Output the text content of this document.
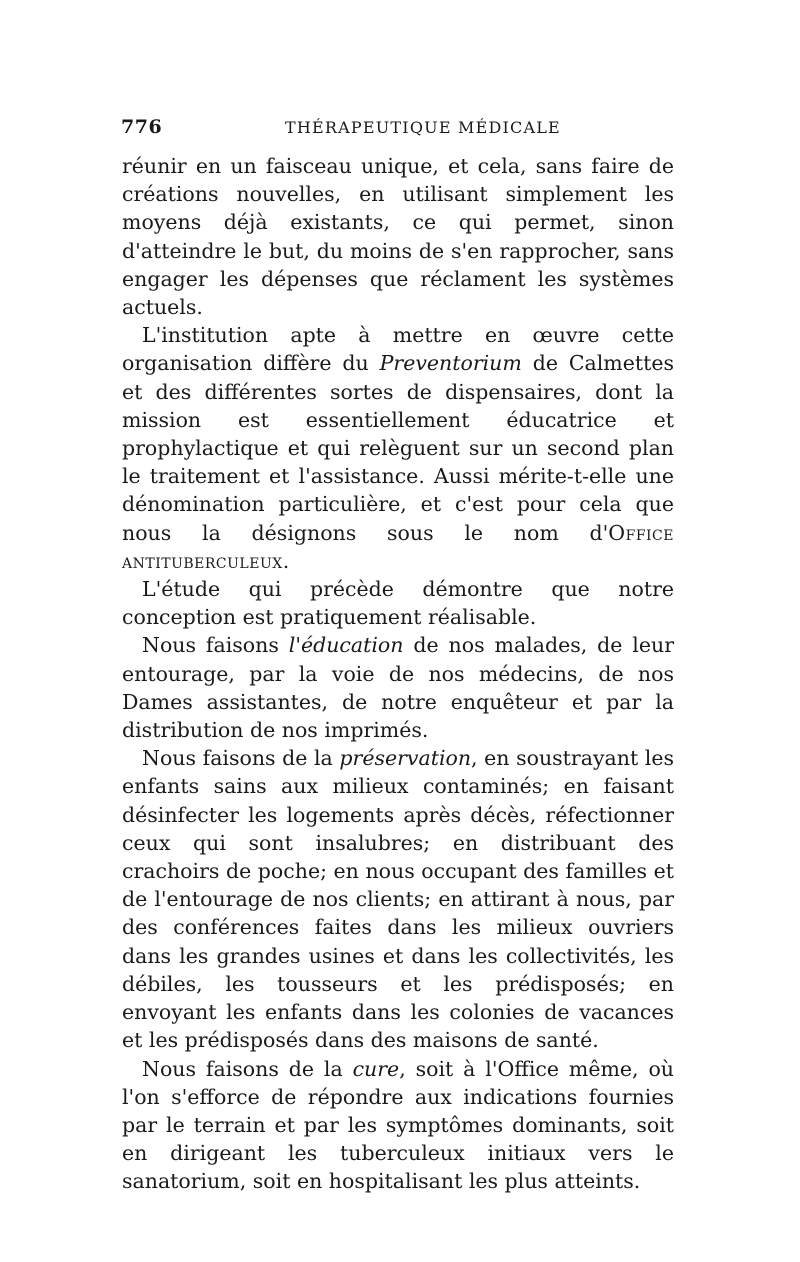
776	THÉRAPEUTIQUE MÉDICALE

réunir en un faisceau unique, et cela, sans faire de créations nouvelles, en utilisant simplement les moyens déjà existants, ce qui permet, sinon d'atteindre le but, du moins de s'en rapprocher, sans engager les dépenses que réclament les systèmes actuels.

L'institution apte à mettre en œuvre cette organisation diffère du Preventorium de Calmettes et des différentes sortes de dispensaires, dont la mission est essentiellement éducatrice et prophylactique et qui relèguent sur un second plan le traitement et l'assistance. Aussi mérite-t-elle une dénomination particulière, et c'est pour cela que nous la désignons sous le nom d'Office antituberculeux.

L'étude qui précède démontre que notre conception est pratiquement réalisable.

Nous faisons l'éducation de nos malades, de leur entourage, par la voie de nos médecins, de nos Dames assistantes, de notre enquêteur et par la distribution de nos imprimés.

Nous faisons de la préservation, en soustrayant les enfants sains aux milieux contaminés; en faisant désinfecter les logements après décès, réfectionner ceux qui sont insalubres; en distribuant des crachoirs de poche; en nous occupant des familles et de l'entourage de nos clients; en attirant à nous, par des conférences faites dans les milieux ouvriers dans les grandes usines et dans les collectivités, les débiles, les tousseurs et les prédisposés; en envoyant les enfants dans les colonies de vacances et les prédisposés dans des maisons de santé.

Nous faisons de la cure, soit à l'Office même, où l'on s'efforce de répondre aux indications fournies par le terrain et par les symptômes dominants, soit en dirigeant les tuberculeux initiaux vers le sanatorium, soit en hospitalisant les plus atteints.
